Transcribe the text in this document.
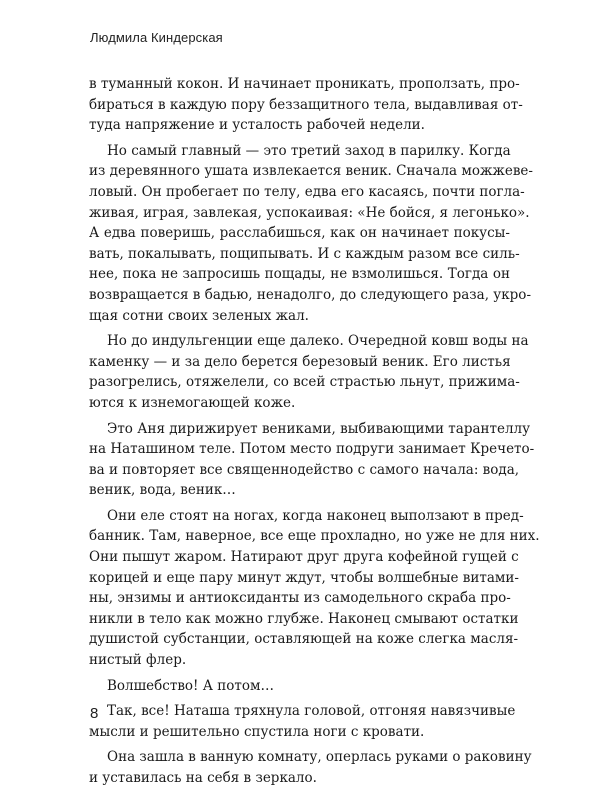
Людмила Киндерская

в туманный кокон. И начинает проникать, проползать, про-

бираться в каждую пору беззащитного тела, выдавливая от-

туда напряжение и усталость рабочей недели.

Но самый главный — это третий заход в парилку. Когда

из деревянного ушата извлекается веник. Сначала можжеве-

ловый. Он пробегает по телу, едва его касаясь, почти погла-

живая, играя, завлекая, успокаивая: «Не бойся, я легонько».

А едва поверишь, расслабишься, как он начинает покусы-

вать, покалывать, пощипывать. И с каждым разом все силь-

нее, пока не запросишь пощады, не взмолишься. Тогда он

возвращается в бадью, ненадолго, до следующего раза, укро-

щая сотни своих зеленых жал.

Но до индульгенции еще далеко. Очередной ковш воды на

каменку — и за дело берется березовый веник. Его листья

разогрелись, отяжелели, со всей страстью льнут, прижима-

ются к изнемогающей коже.

Это Аня дирижирует вениками, выбивающими тарантеллу

на Наташином теле. Потом место подруги занимает Кречето-

ва и повторяет все священнодейство с самого начала: вода,

веник, вода, веник…

Они еле стоят на ногах, когда наконец выползают в пред-

банник. Там, наверное, все еще прохладно, но уже не для них.

Они пышут жаром. Натирают друг друга кофейной гущей с

корицей и еще пару минут ждут, чтобы волшебные витами-

ны, энзимы и антиоксиданты из самодельного скраба про-

никли в тело как можно глубже. Наконец смывают остатки

душистой субстанции, оставляющей на коже слегка масля-

нистый флер.

Волшебство! А потом…

Так, все! Наташа тряхнула головой, отгоняя навязчивые

мысли и решительно спустила ноги с кровати.

Она зашла в ванную комнату, оперлась руками о раковину

и уставилась на себя в зеркало.

8
